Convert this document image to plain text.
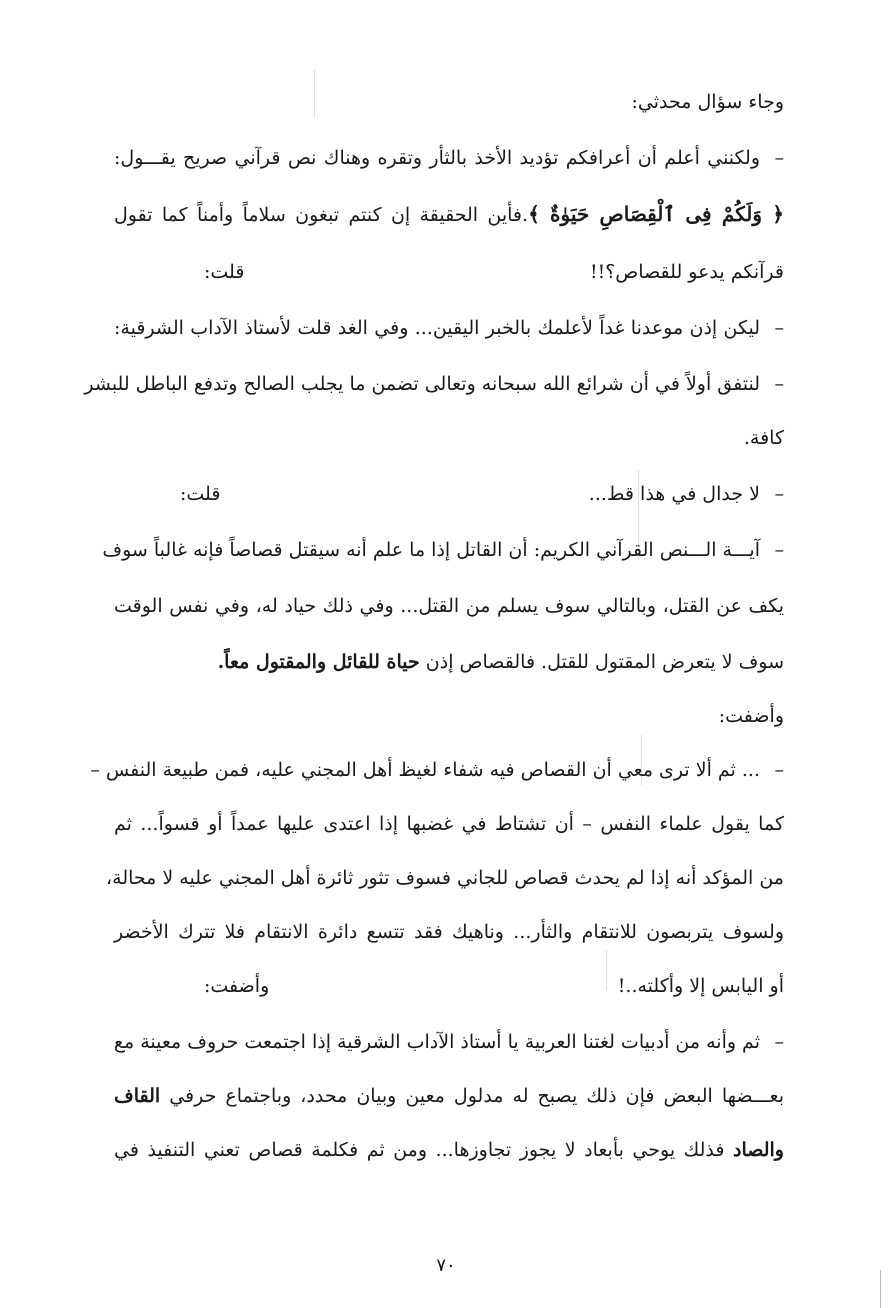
وجاء سؤال محدثي:
–
ولكنني أعلم أن أعرافكم تؤديد الأخذ بالثأر وتقره وهناك نص قرآني صريح يقـــول:
﴿ وَلَكُمْ فِى ٱلْقِصَاصِ حَيَوٰةٌ ﴾.فأين الحقيقة إن كنتم تبغون سلاماً وأمناً كما تقول
قرآنكم يدعو للقصاص؟!!
قلت:
–
ليكن إذن موعدنا غداً لأعلمك بالخبر اليقين... وفي الغد قلت لأستاذ الآداب الشرقية:
–
لنتفق أولاً في أن شرائع الله سبحانه وتعالى تضمن ما يجلب الصالح وتدفع الباطل للبشر
كافة.
–
لا جدال في هذا قط...
قلت:
–
آيـــة الـــنص القرآني الكريم: أن القاتل إذا ما علم أنه سيقتل قصاصاً فإنه غالباً سوف
يكف عن القتل، وبالتالي سوف يسلم من القتل... وفي ذلك حياد له، وفي نفس الوقت
سوف لا يتعرض المقتول للقتل. فالقصاص إذن حياة للقائل والمقتول معاً.
وأضفت:
–
... ثم ألا ترى معي أن القصاص فيه شفاء لغيظ أهل المجني عليه، فمن طبيعة النفس –
كما يقول علماء النفس – أن تشتاط في غضبها إذا اعتدى عليها عمداً أو قسواً... ثم
من المؤكد أنه إذا لم يحدث قصاص للجاني فسوف تثور ثائرة أهل المجني عليه لا محالة،
ولسوف يتربصون للانتقام والثأر... وناهيك فقد تتسع دائرة الانتقام فلا تترك الأخضر
أو اليابس إلا وأكلته..!
وأضفت:
–
ثم وأنه من أدبيات لغتنا العربية يا أستاذ الآداب الشرقية إذا اجتمعت حروف معينة مع
بعـــضها البعض فإن ذلك يصبح له مدلول معين وبيان محدد، وباجتماع حرفي القاف
والصاد فذلك يوحي بأبعاد لا يجوز تجاوزها... ومن ثم فكلمة قصاص تعني التنفيذ في
٧٠
